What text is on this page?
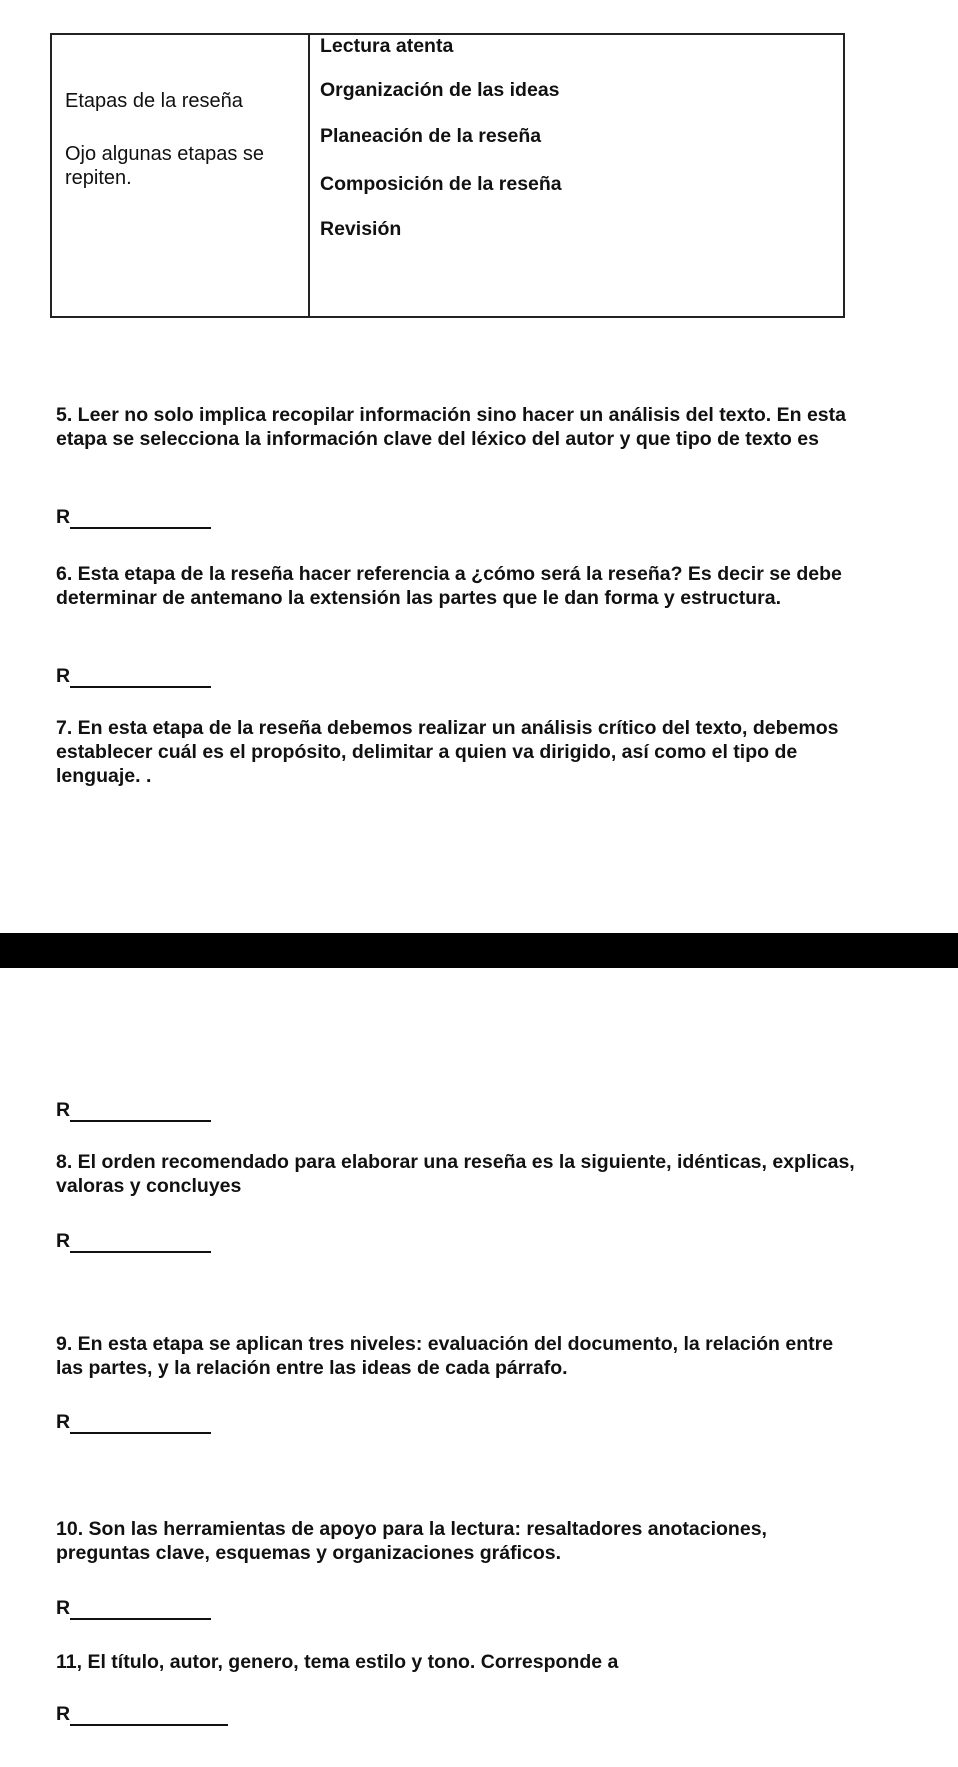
Etapas de la reseña
Ojo algunas etapas se repiten.
Lectura atenta
Organización de las ideas
Planeación de la reseña
Composición de la reseña
Revisión
5. Leer no solo implica recopilar información sino hacer un análisis del texto. En esta etapa se selecciona la información clave del léxico del autor y que tipo de texto es
R
6. Esta etapa de la reseña hacer referencia a ¿cómo será la reseña? Es decir se debe determinar de antemano la extensión las partes que le dan forma y estructura.
R
7. En esta etapa de la reseña debemos realizar un análisis crítico del texto, debemos establecer cuál es el propósito, delimitar a quien va dirigido, así como el tipo de lenguaje. .
R
8. El orden recomendado para elaborar una reseña es la siguiente, idénticas, explicas, valoras y concluyes
R
9. En esta etapa se aplican tres niveles: evaluación del documento, la relación entre las partes, y la relación entre las ideas de cada párrafo.
R
10. Son las herramientas de apoyo para la lectura: resaltadores anotaciones, preguntas clave, esquemas y organizaciones gráficos.
R
11, El título, autor, genero, tema estilo y tono. Corresponde a
R
